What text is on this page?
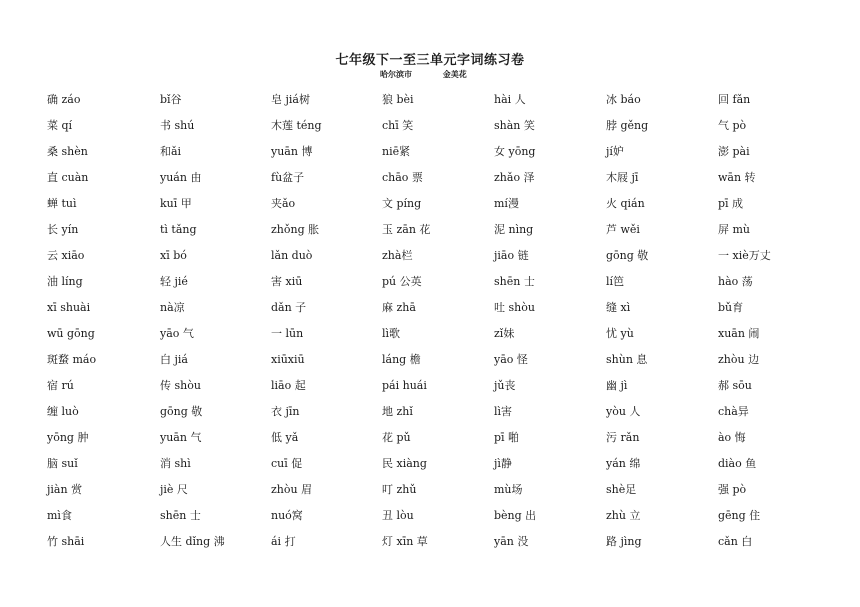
七年级下一至三单元字词练习卷
哈尔滨市	金美花
确 záo	bǐ谷	皂 jiá树	狼 bèi	hài 人	冰 báo	回 fǎn
菜 qí	书 shú	木莲 téng	chī 笑	shàn 笑	脖 gěng	气 pò
桑 shèn	和ǎi	yuān 博	niē紧	女 yōng	jí妒	澎 pài
直 cuàn	yuán 由	fù盆子	chāo 票	zhǎo 泽	木屐 jī	wān 转
蝉 tuì	kuī 甲	夹ǎo	文 píng	mí漫	火 qián	pī 成
长 yín	tì tǎng	zhǒng 胀	玉 zān 花	泥 nìng	芦 wěi	屏 mù
云 xiāo	xī bó	lǎn duò	zhà栏	jiāo 链	gōng 敬	一 xiè万丈
油 líng	轻 jié	害 xiū	pú 公英	shēn 士	lí笆	hào 荡
xī shuài	nà凉	dǎn 子	麻 zhā	吐 shòu	缝 xì	bǔ育
wū gōng	yāo 气	一 lūn	lì歌	zǐ妹	忧 yù	xuān 闹
斑蝥 máo	白 jiá	xiūxiū	láng 檐	yāo 怪	shùn 息	zhòu 边
宿 rú	传 shòu	liāo 起	pái huái	jǔ丧	幽 jì	郝 sōu
缠 luò	gōng 敬	衣 jīn	地 zhǐ	lì害	yòu 人	chà异
yōng 肿	yuān 气	低 yǎ	花 pǔ	pī 啪	污 rǎn	ào 悔
脑 suǐ	消 shì	cuī 促	民 xiàng	jì静	yán 绵	diào 鱼
jiàn 赏	jiè 尺	zhòu 眉	叮 zhǔ	mù场	shè足	强 pò
mì食	shēn 士	nuó窝	丑 lòu	bèng 出	zhù 立	gēng 住
竹 shāi	人生 dǐng 沸	ái 打	灯 xīn 草	yān 没	路 jìng	cǎn 白
